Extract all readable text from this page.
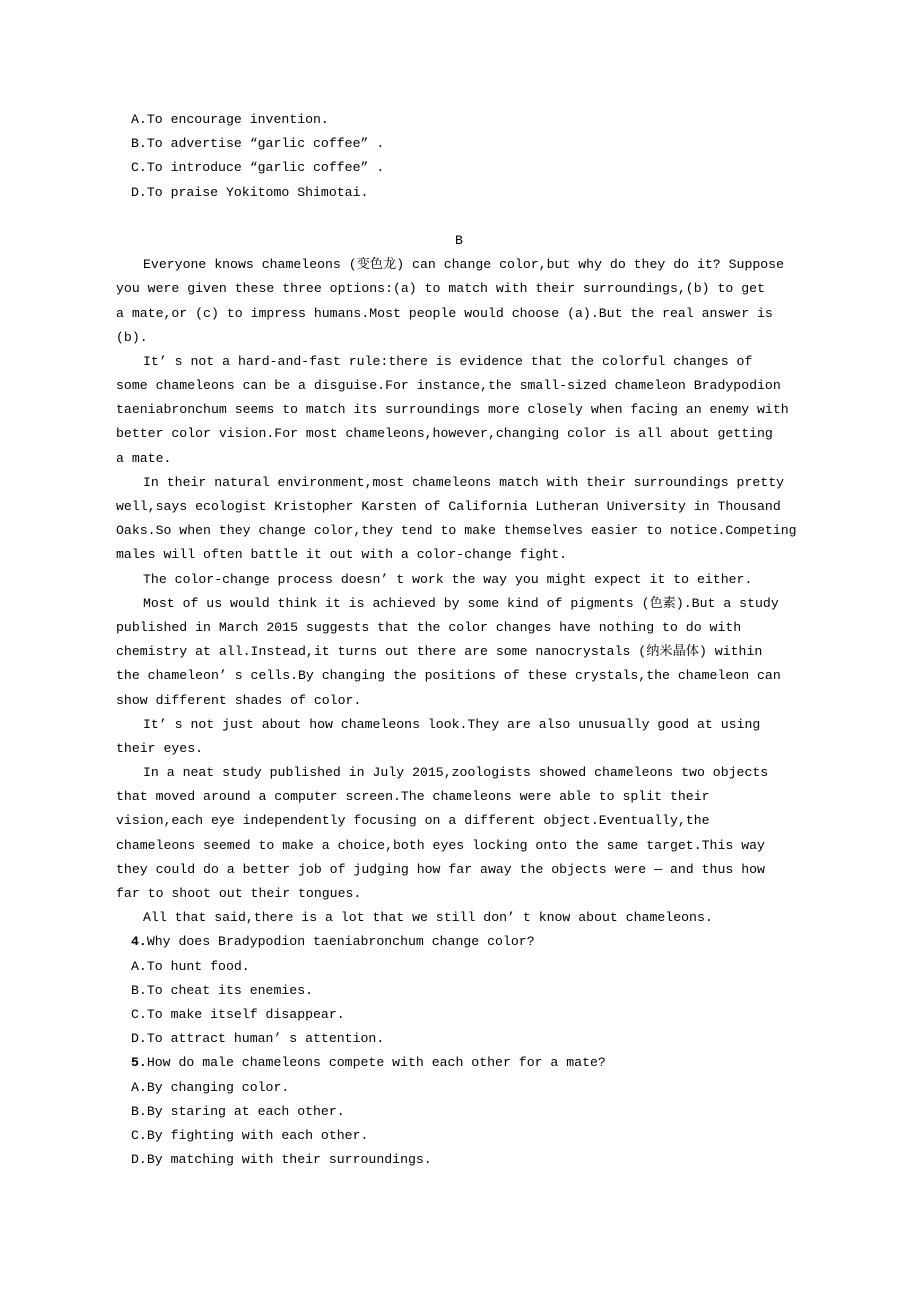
A.To encourage invention.
B.To advertise “garlic coffee” .
C.To introduce “garlic coffee” .
D.To praise Yokitomo Shimotai.

B
Everyone knows chameleons (变色龙) can change color,but why do they do it? Suppose
you were given these three options:(a) to match with their surroundings,(b) to get
a mate,or (c) to impress humans.Most people would choose (a).But the real answer is
(b).
It’ s not a hard-and-fast rule:there is evidence that the colorful changes of
some chameleons can be a disguise.For instance,the small-sized chameleon Bradypodion
taeniabronchum seems to match its surroundings more closely when facing an enemy with
better color vision.For most chameleons,however,changing color is all about getting
a mate.
In their natural environment,most chameleons match with their surroundings pretty
well,says ecologist Kristopher Karsten of California Lutheran University in Thousand
Oaks.So when they change color,they tend to make themselves easier to notice.Competing
males will often battle it out with a color-change fight.
The color-change process doesn’ t work the way you might expect it to either.
Most of us would think it is achieved by some kind of pigments (色素).But a study
published in March 2015 suggests that the color changes have nothing to do with
chemistry at all.Instead,it turns out there are some nanocrystals (纳米晶体) within
the chameleon’ s cells.By changing the positions of these crystals,the chameleon can
show different shades of color.
It’ s not just about how chameleons look.They are also unusually good at using
their eyes.
In a neat study published in July 2015,zoologists showed chameleons two objects
that moved around a computer screen.The chameleons were able to split their
vision,each eye independently focusing on a different object.Eventually,the
chameleons seemed to make a choice,both eyes locking onto the same target.This way
they could do a better job of judging how far away the objects were — and thus how
far to shoot out their tongues.
All that said,there is a lot that we still don’ t know about chameleons.
4.Why does Bradypodion taeniabronchum change color?
A.To hunt food.
B.To cheat its enemies.
C.To make itself disappear.
D.To attract human’ s attention.
5.How do male chameleons compete with each other for a mate?
A.By changing color.
B.By staring at each other.
C.By fighting with each other.
D.By matching with their surroundings.
